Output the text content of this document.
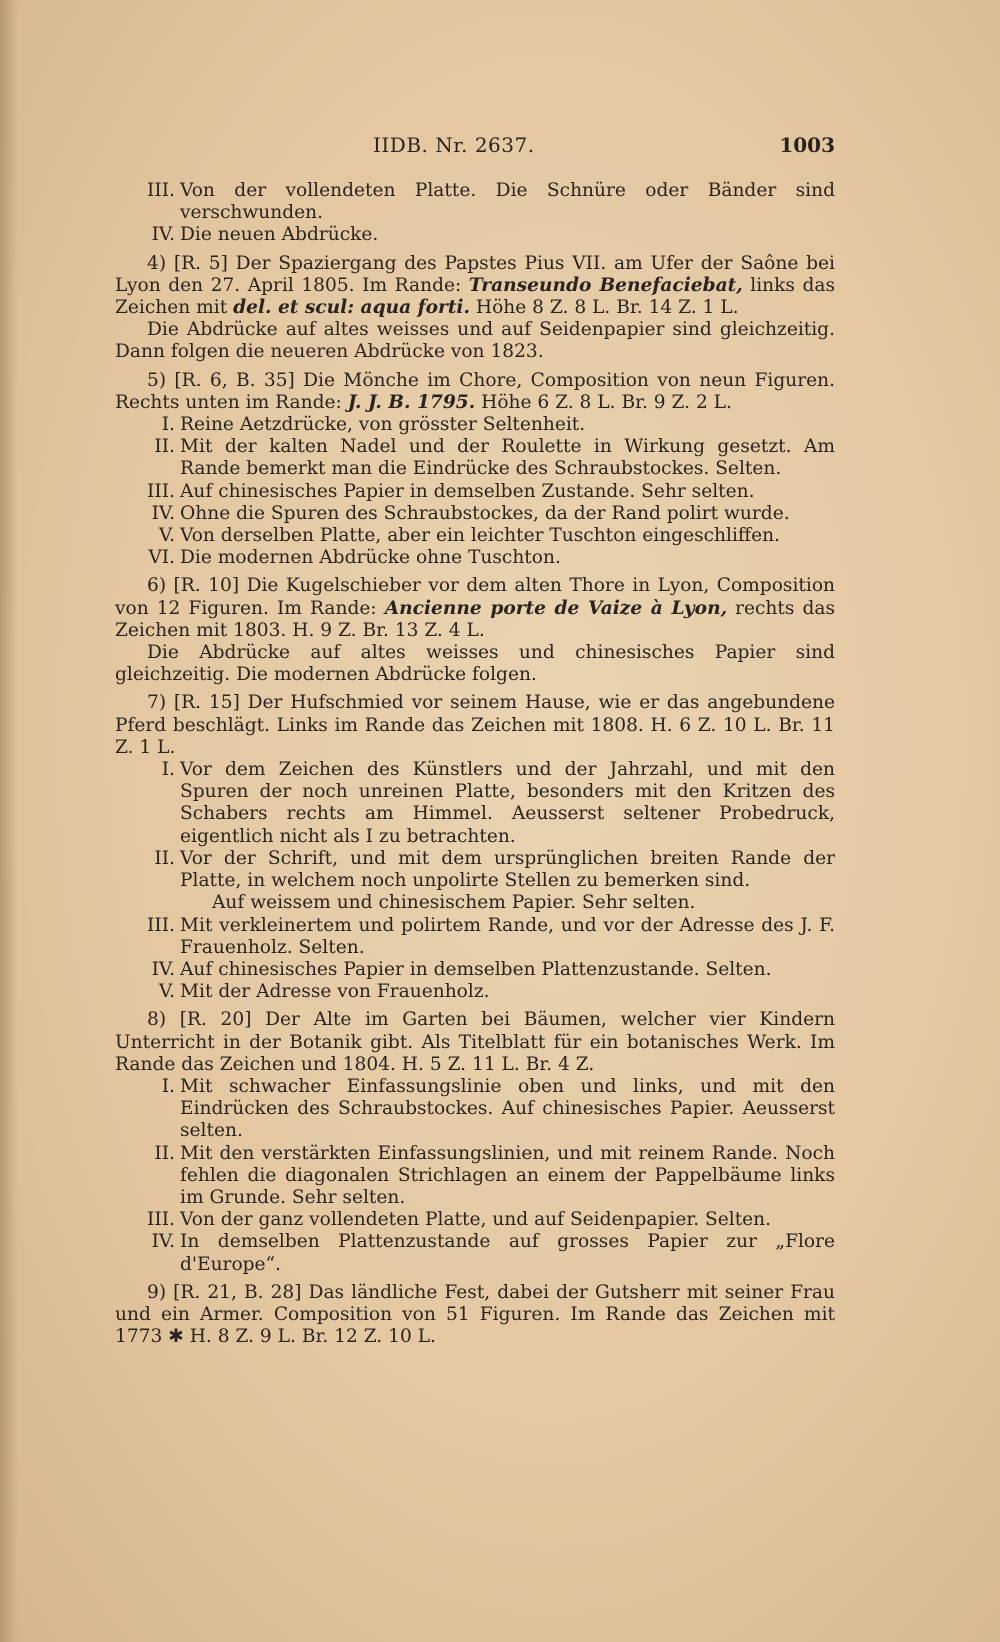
IIDB. Nr. 2637.	1003

III. Von der vollendeten Platte. Die Schnüre oder Bänder sind verschwunden.

IV. Die neuen Abdrücke.

4) [R. 5] Der Spaziergang des Papstes Pius VII. am Ufer der Saône bei Lyon den 27. April 1805. Im Rande: Transeundo Benefaciebat, links das Zeichen mit del. et scul: aqua forti. Höhe 8 Z. 8 L. Br. 14 Z. 1 L.

Die Abdrücke auf altes weisses und auf Seidenpapier sind gleichzeitig. Dann folgen die neueren Abdrücke von 1823.

5) [R. 6, B. 35] Die Mönche im Chore, Composition von neun Figuren. Rechts unten im Rande: J. J. B. 1795. Höhe 6 Z. 8 L. Br. 9 Z. 2 L.

I. Reine Aetzdrücke, von grösster Seltenheit.

II. Mit der kalten Nadel und der Roulette in Wirkung gesetzt. Am Rande bemerkt man die Eindrücke des Schraubstockes. Selten.

III. Auf chinesisches Papier in demselben Zustande. Sehr selten.

IV. Ohne die Spuren des Schraubstockes, da der Rand polirt wurde.

V. Von derselben Platte, aber ein leichter Tuschton eingeschliffen.

VI. Die modernen Abdrücke ohne Tuschton.

6) [R. 10] Die Kugelschieber vor dem alten Thore in Lyon, Composition von 12 Figuren. Im Rande: Ancienne porte de Vaize à Lyon, rechts das Zeichen mit 1803. H. 9 Z. Br. 13 Z. 4 L.

Die Abdrücke auf altes weisses und chinesisches Papier sind gleichzeitig. Die modernen Abdrücke folgen.

7) [R. 15] Der Hufschmied vor seinem Hause, wie er das angebundene Pferd beschlägt. Links im Rande das Zeichen mit 1808. H. 6 Z. 10 L. Br. 11 Z. 1 L.

I. Vor dem Zeichen des Künstlers und der Jahrzahl, und mit den Spuren der noch unreinen Platte, besonders mit den Kritzen des Schabers rechts am Himmel. Aeusserst seltener Probedruck, eigentlich nicht als I zu betrachten.

II. Vor der Schrift, und mit dem ursprünglichen breiten Rande der Platte, in welchem noch unpolirte Stellen zu bemerken sind.

Auf weissem und chinesischem Papier. Sehr selten.

III. Mit verkleinertem und polirtem Rande, und vor der Adresse des J. F. Frauenholz. Selten.

IV. Auf chinesisches Papier in demselben Plattenzustande. Selten.

V. Mit der Adresse von Frauenholz.

8) [R. 20] Der Alte im Garten bei Bäumen, welcher vier Kindern Unterricht in der Botanik gibt. Als Titelblatt für ein botanisches Werk. Im Rande das Zeichen und 1804. H. 5 Z. 11 L. Br. 4 Z.

I. Mit schwacher Einfassungslinie oben und links, und mit den Eindrücken des Schraubstockes. Auf chinesisches Papier. Aeusserst selten.

II. Mit den verstärkten Einfassungslinien, und mit reinem Rande. Noch fehlen die diagonalen Strichlagen an einem der Pappelbäume links im Grunde. Sehr selten.

III. Von der ganz vollendeten Platte, und auf Seidenpapier. Selten.

IV. In demselben Plattenzustande auf grosses Papier zur „Flore d'Europe“.

9) [R. 21, B. 28] Das ländliche Fest, dabei der Gutsherr mit seiner Frau und ein Armer. Composition von 51 Figuren. Im Rande das Zeichen mit 1773 ✱ H. 8 Z. 9 L. Br. 12 Z. 10 L.
